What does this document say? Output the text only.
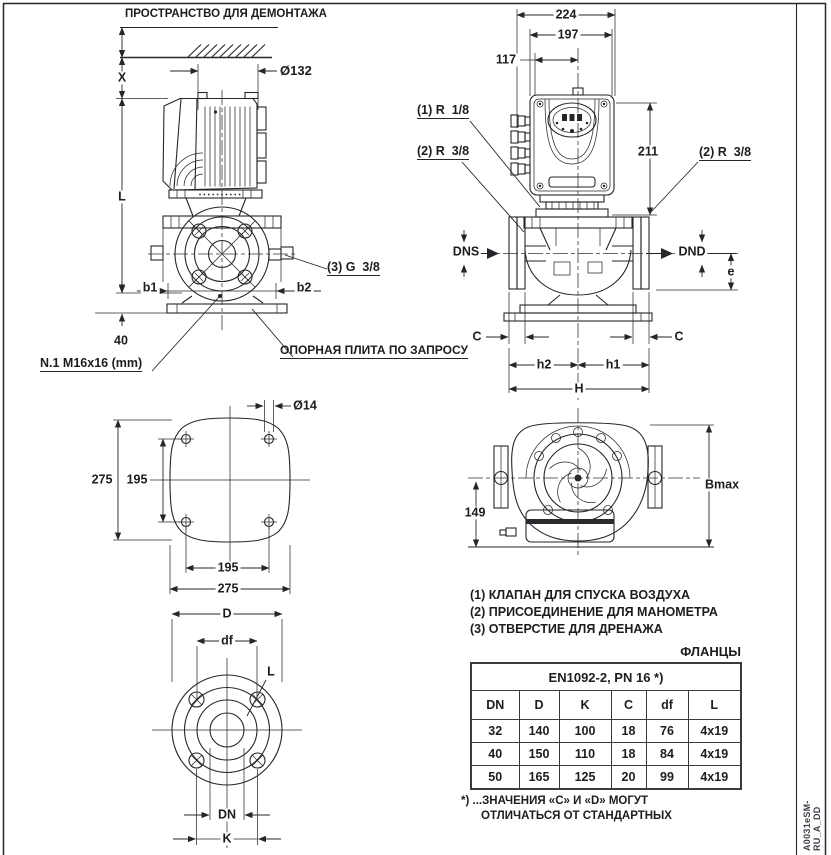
ПРОСТРАНСТВО ДЛЯ ДЕМОНТАЖА
Ø132
X
L
b1	b2
(3) G  3/8
40
ОПОРНАЯ ПЛИТА ПО ЗАПРОСУ
N.1 M16x16 (mm)
224
197
117
211
(1) R  1/8
(2) R  3/8	(2) R  3/8
DNS	DND
e
C	C
h2	h1
H
Ø14
275 195
195
275
149
Bmax
D
df
L
DN
K
(1) КЛАПАН ДЛЯ СПУСКА ВОЗДУХА
(2) ПРИСОЕДИНЕНИЕ ДЛЯ МАНОМЕТРА
(3) ОТВЕРСТИЕ ДЛЯ ДРЕНАЖА
ФЛАНЦЫ
EN1092-2, PN 16 *)					
DN	D	K	C	df	L
32	140	100	18	76	4x19
40	150	110	18	84	4x19
50	165	125	20	99	4x19
*) ...ЗНАЧЕНИЯ «С» И «D» МОГУТ
ОТЛИЧАТЬСЯ ОТ СТАНДАРТНЫХ	A0031eSM-RU_A_DD
